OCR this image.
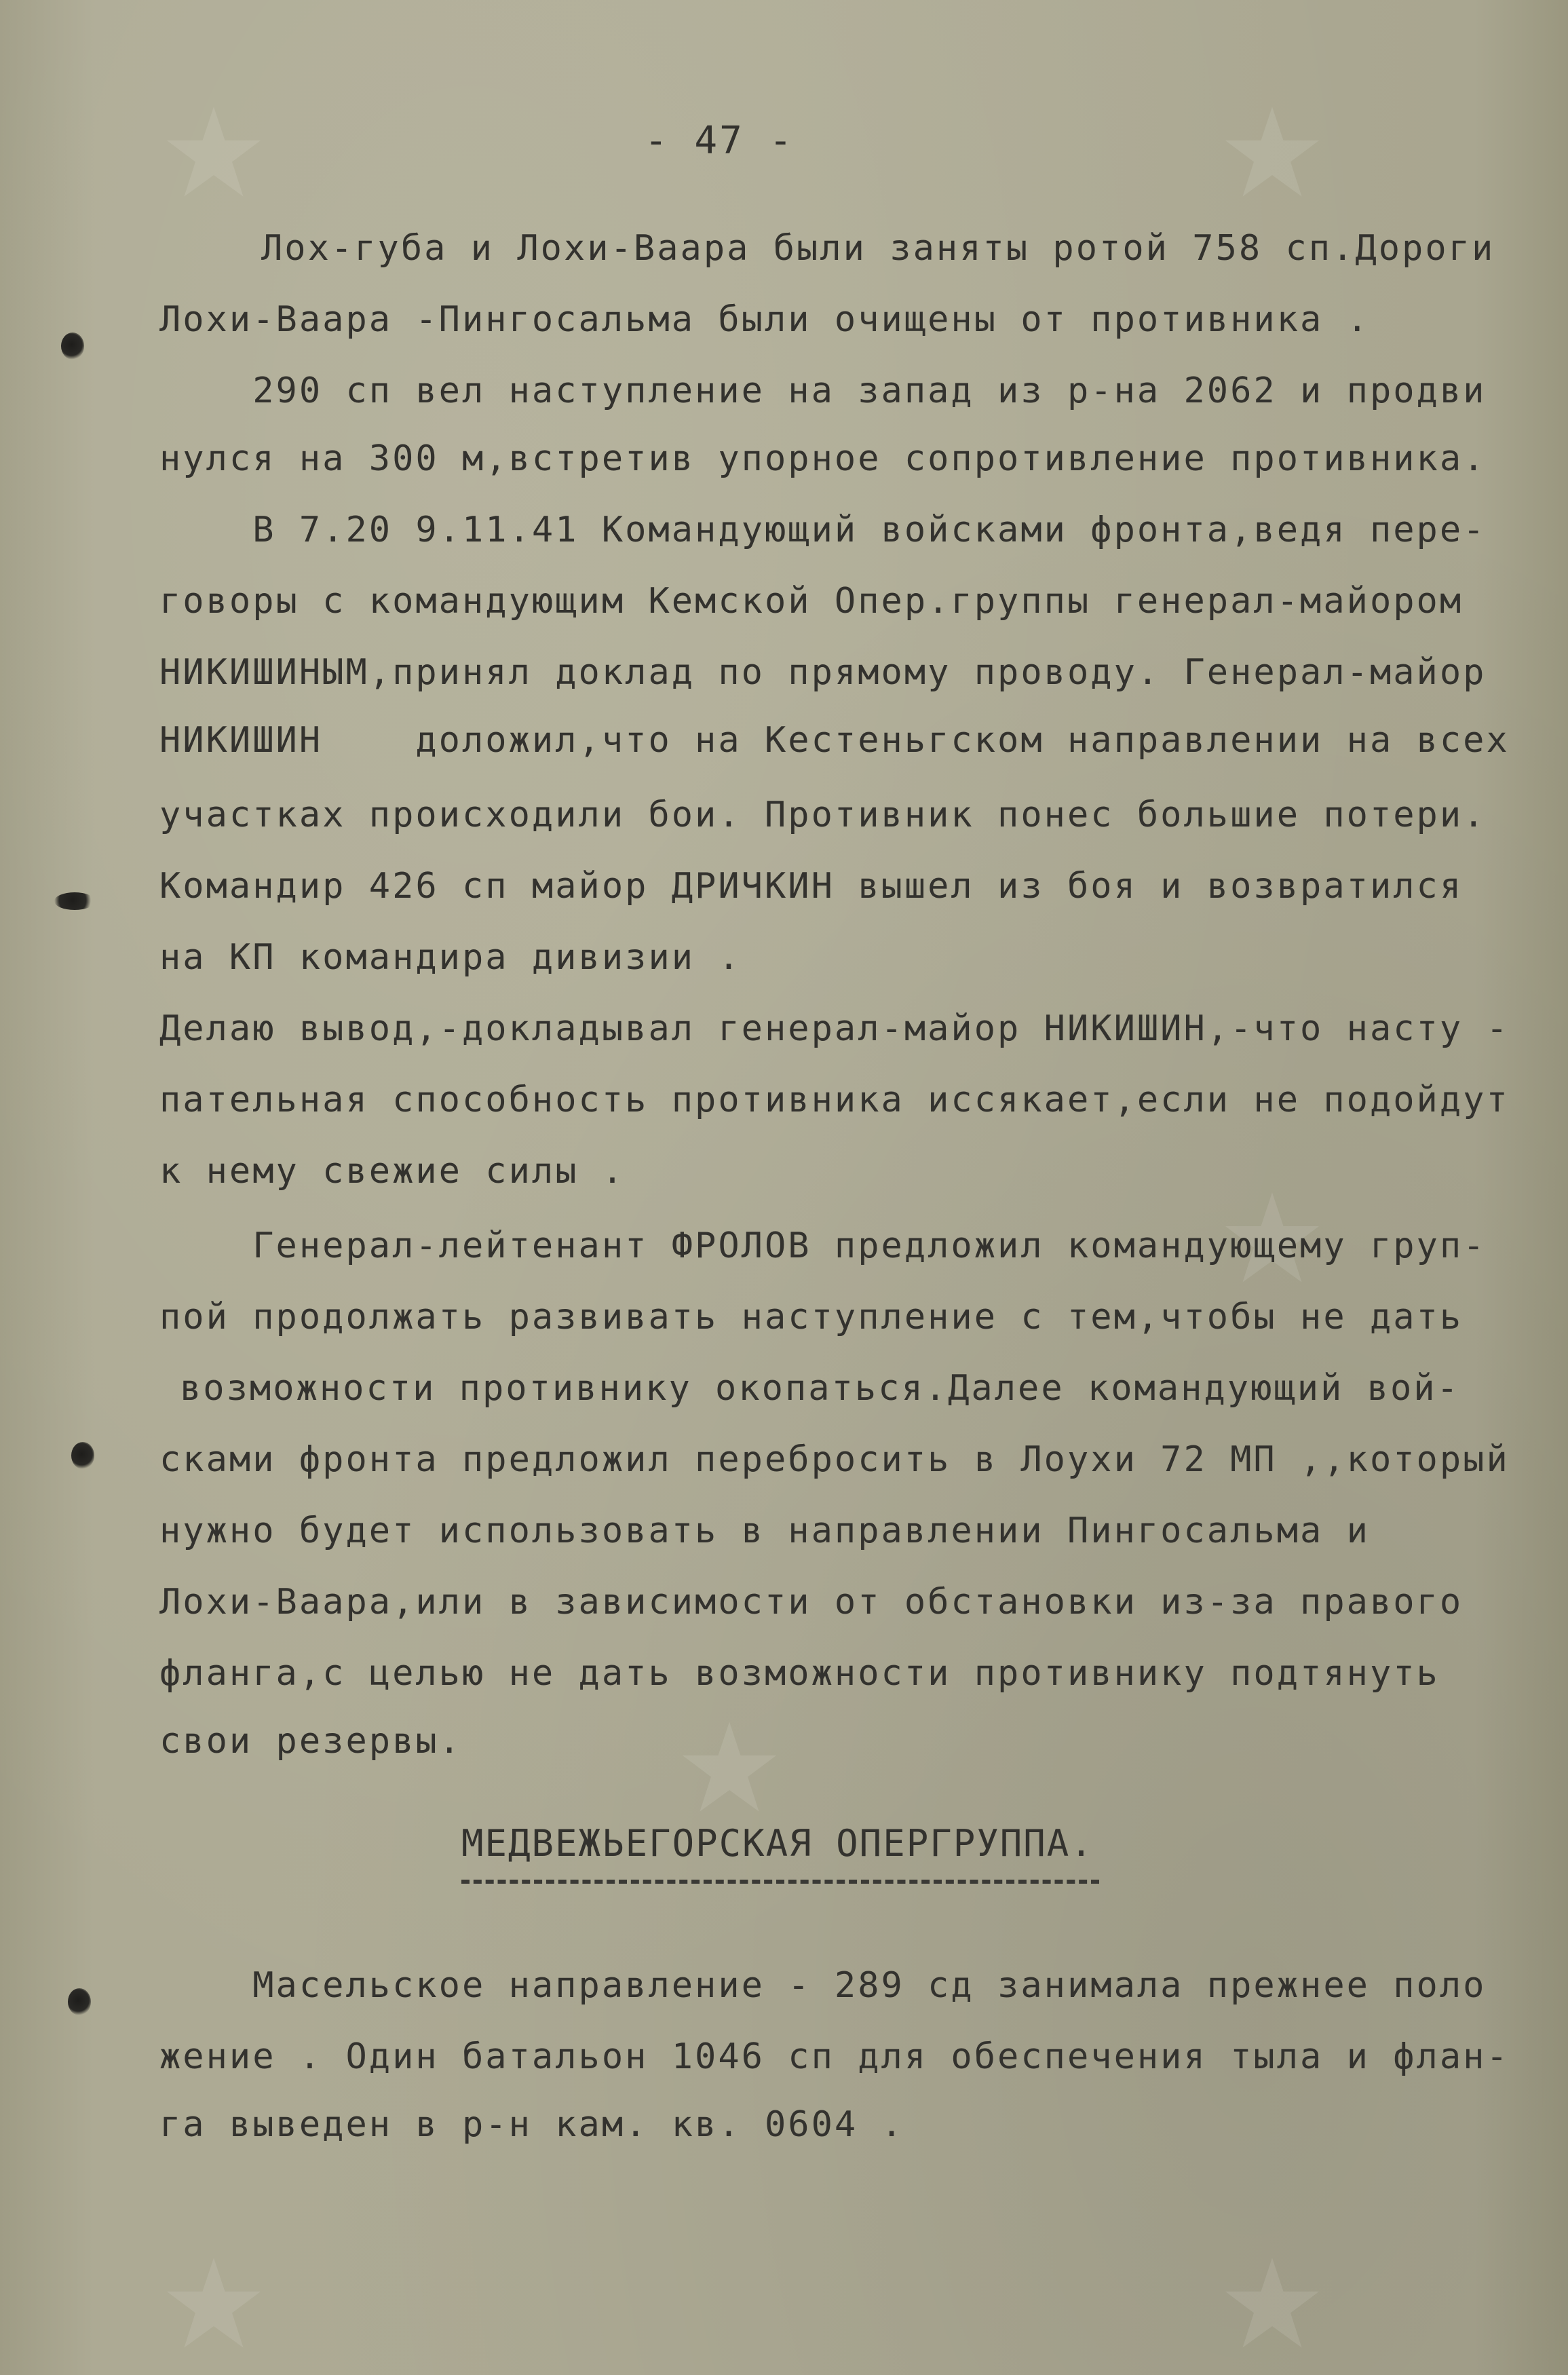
- 47 -
Лох-губа и Лохи-Ваара были заняты ротой 758 сп.Дороги
Лохи-Ваара -Пингосальма были очищены от противника .
290 сп вел наступление на запад из р-на 2062 и продви
нулся на 300 м,встретив упорное сопротивление противника.
В 7.20 9.11.41 Командующий войсками фронта,ведя пере-
говоры с командующим Кемской Опер.группы генерал-майором
НИКИШИНЫМ,принял доклад по прямому проводу. Генерал-майор
НИКИШИН    доложил,что на Кестеньгском направлении на всех
участках происходили бои. Противник понес большие потери.
Командир 426 сп майор ДРИЧКИН вышел из боя и возвратился
на КП командира дивизии .
Делаю вывод,-докладывал генерал-майор НИКИШИН,-что насту -
пательная способность противника иссякает,если не подойдут
к нему свежие силы .
Генерал-лейтенант ФРОЛОВ предложил командующему груп-
пой продолжать развивать наступление с тем,чтобы не дать
возможности противнику окопаться.Далее командующий вой-
сками фронта предложил перебросить в Лоухи 72 МП ,,который
нужно будет использовать в направлении Пингосальма и
Лохи-Ваара,или в зависимости от обстановки из-за правого
фланга,с целью не дать возможности противнику подтянуть
свои резервы.
МЕДВЕЖЬЕГОРСКАЯ ОПЕРГРУППА.
Масельское направление - 289 сд занимала прежнее поло
жение . Один батальон 1046 сп для обеспечения тыла и флан-
га выведен в р-н кам. кв. 0604 .
